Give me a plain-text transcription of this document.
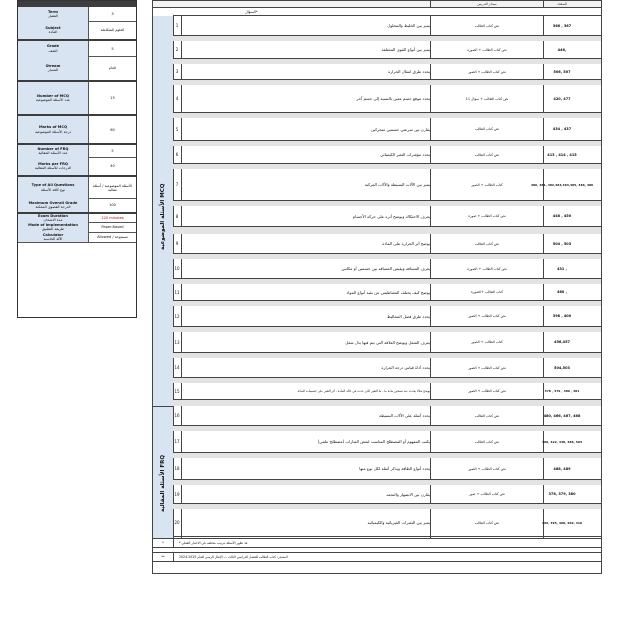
Term
الفصل	3
Subject
المادة	العلوم المتكاملة
Grade
الصف	5
Stream
المسار	العام
Number of MCQ
عدد الأسئلة الموضوعية	15
Marks of MCQ
درجة الأسئلة الموضوعية	60
Number of FRQ
عدد الأسئلة المقالية	5
Marks per FRQ
الدرجات للأسئلة المقالية	40
Type of All Questions
نوع كافة الأسئلة
الأسئلة الموضوعية / أسئلة مقالية
Maximum Overall Grade
الدرجة القصوى الممكنة	100
Exam Duration
مدة الامتحان	120 minutes
Mode of Implementation
طريقة التطبيق	Paper-Based
Calculator
الآلة الحاسبة	Allowed / مسموحة
مصادر التدريس	الصفحة
السؤال*
الأسئلة الموضوعية MCQ
الأسئلة المقالية FRQ
1	يميز بين الخليط والمحلول	نص كتاب الطالب	366 , 367
2	يميز بين أنواع القوى المختلفة	نص كتاب الطالب + الصورة	446,
3	يحدد طرق انتقال الحرارة	نص كتاب الطالب + الصور	506, 507
4	يحدد موقع جسم معين بالنسبة إلى جسم آخر	نص كتاب الطالب + سؤال 11	420, 477
5	يقارن بين سرعتي جسمين متحركين	نص كتاب الطالب	434 , 437
6	يحدد مؤشرات التغير الكيميائي	نص كتاب الطالب	413 , 414 , 415
7	يميز بين الآلات البسيطة والآلات المركبة	كتاب الطالب + الصور	480, 481, 482,483,484,485, 486, 480
8	يعرف الاحتكاك ويوضح أثره على حركة الأجسام	نص كتاب الطالب + صورة	448 , 450
9	يوضح أثر الحرارة على المادة	نص كتاب الطالب	504 , 503
10	يعرف المسافة ويقيس المسافة بين جسمين أو مكانين	نص كتاب الطالب + الصورة	431 ,
11	يوضح كيف يختلف المغناطيس عن بقية أنواع المواد	كتاب الطالب +الصورة	460 ,
12	يحدد طرق فصل المخاليط	نص كتاب الطالب + الصور	398 , 400
13	يعرف الشغل ويوضح العلاقة التي يتم فيها بذل شغل	كتاب الطالب + الصور	456,457
14	يحدد أداة قياس درجة الحرارة	نص كتاب الطالب + الصور	504,503
15	يوضح مثالا يحدث عند تسخين مادة ما - ما التغير الذي حدث في حالة المادة - أثر التغير على جسيمات المادة	نص كتاب الطالب + الصور	378 , 379 , 380 , 381
16	يحدد أمثلة على الآلات البسيطة	نص كتاب الطالب	480, 466, 467, 468
17	يكتب المفهوم أو المصطلح المناسب لبعض العبارات (مصطلح علمي)	نص كتاب الطالب	380, 422, 448, 488, 504
18	يحدد أنواع الطاقة ويذكر أمثلة لكل نوع منها	نص كتاب الطالب + الصور	488, 489
19	يقارن بين الانصهار والتجمد	نص كتاب الطالب + صور	378, 379, 380
20	يميز بين التغيرات الفيزيائية والكيميائية	نص كتاب الطالب	396, 395, 408, 409, 410
*	* قد تظهر الأسئلة بترتيب مختلف في الاختبار الفعلي
**	المصدر: كتاب الطالب للفصل الدراسي الثالث — الإطار الزمني للعام 2025-2024
